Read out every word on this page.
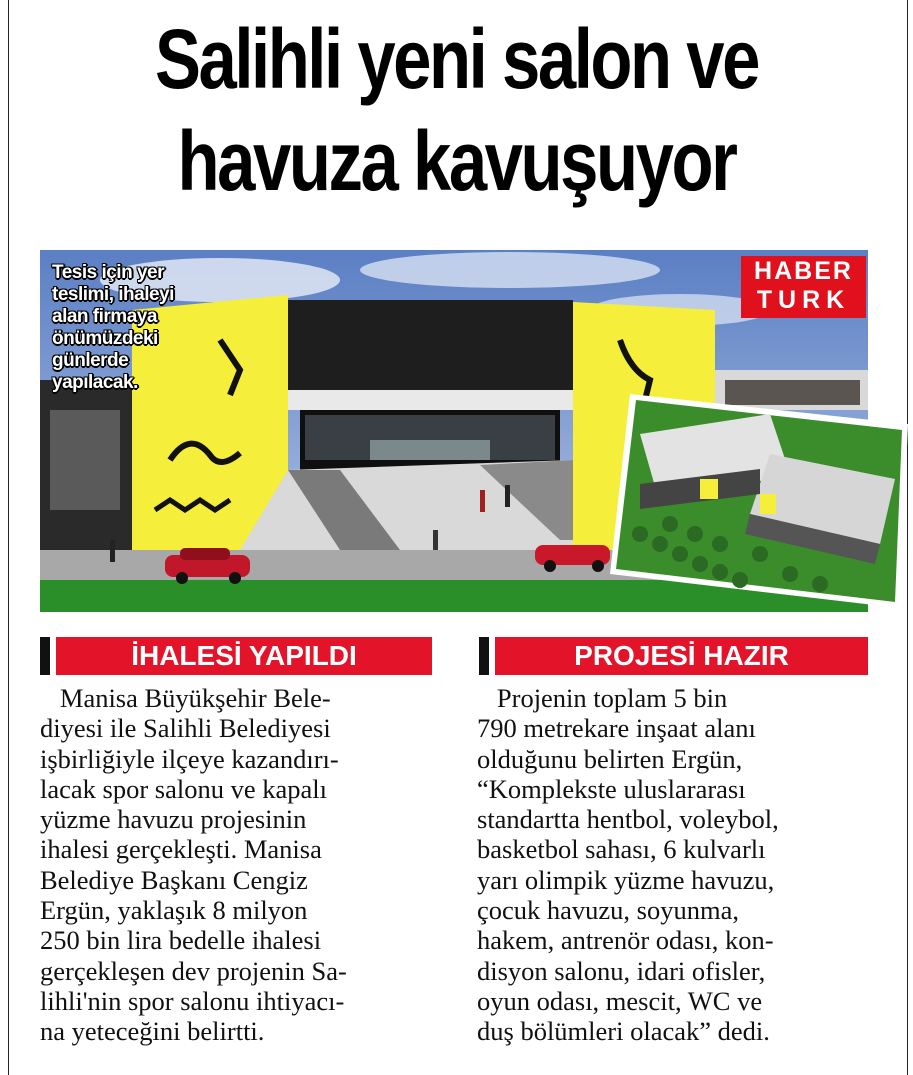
Salihli yeni salon ve
havuza kavuşuyor
Tesis için yer
teslimi, ihaleyi
alan firmaya
önümüzdeki
günlerde
yapılacak.
HABER
TURK
İHALESİ YAPILDI	PROJESİ HAZIR
Manisa Büyükşehir Bele-
diyesi ile Salihli Belediyesi
işbirliğiyle ilçeye kazandırı-
lacak spor salonu ve kapalı
yüzme havuzu projesinin
ihalesi gerçekleşti. Manisa
Belediye Başkanı Cengiz
Ergün, yaklaşık 8 milyon
250 bin lira bedelle ihalesi
gerçekleşen dev projenin Sa-
lihli'nin spor salonu ihtiyacı-
na yeteceğini belirtti.
Projenin toplam 5 bin
790 metrekare inşaat alanı
olduğunu belirten Ergün,
“Komplekste uluslararası
standartta hentbol, voleybol,
basketbol sahası, 6 kulvarlı
yarı olimpik yüzme havuzu,
çocuk havuzu, soyunma,
hakem, antrenör odası, kon-
disyon salonu, idari ofisler,
oyun odası, mescit, WC ve
duş bölümleri olacak” dedi.
